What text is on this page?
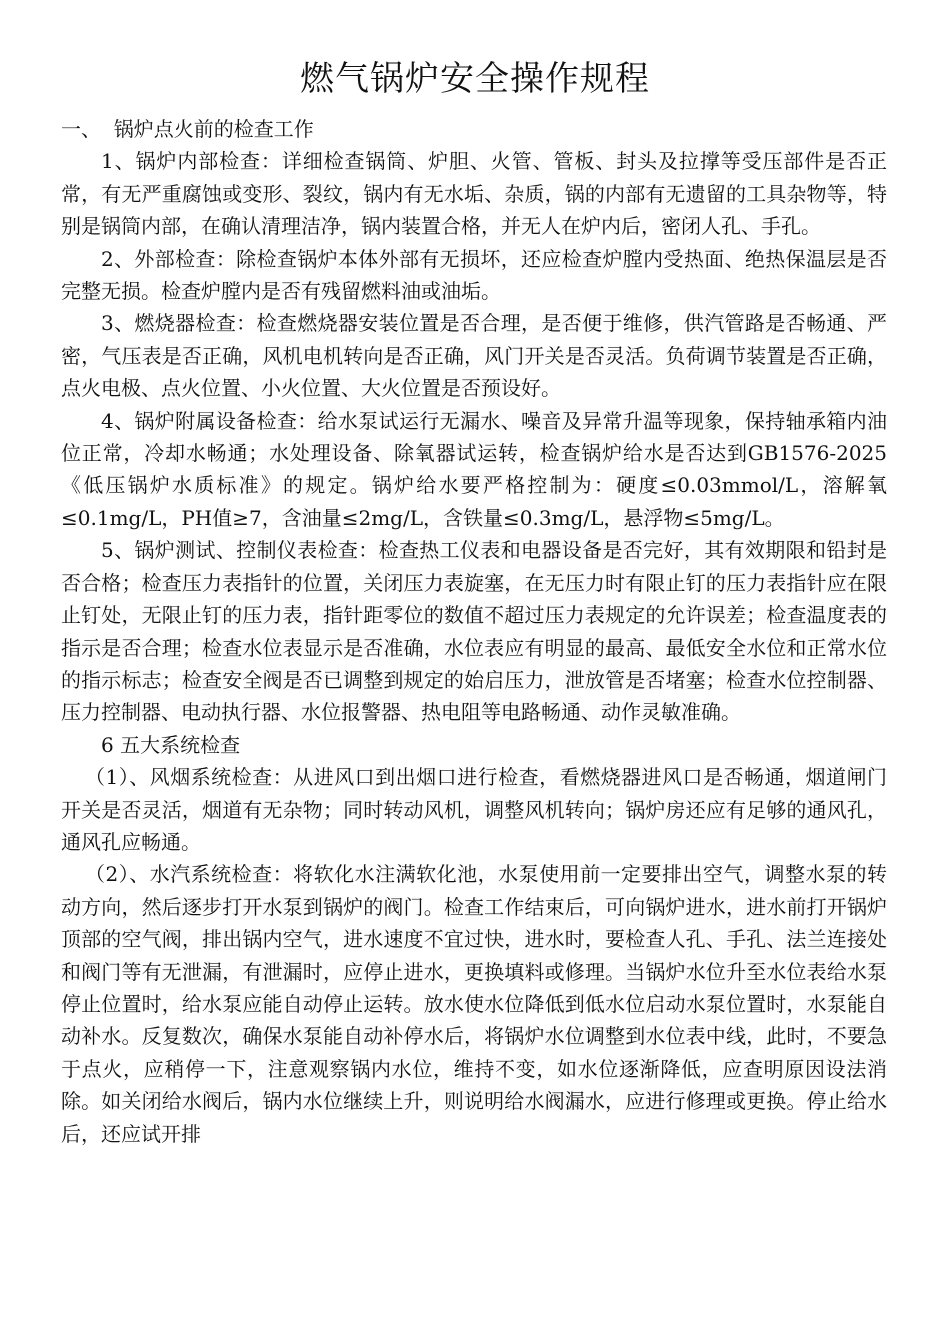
燃气锅炉安全操作规程

一、  锅炉点火前的检查工作

1、锅炉内部检查：详细检查锅筒、炉胆、火管、管板、封头及拉撑等受压部件是否正常，有无严重腐蚀或变形、裂纹，锅内有无水垢、杂质，锅的内部有无遗留的工具杂物等，特别是锅筒内部，在确认清理洁净，锅内装置合格，并无人在炉内后，密闭人孔、手孔。

2、外部检查：除检查锅炉本体外部有无损坏，还应检查炉膛内受热面、绝热保温层是否完整无损。检查炉膛内是否有残留燃料油或油垢。

3、燃烧器检查：检查燃烧器安装位置是否合理，是否便于维修，供汽管路是否畅通、严密，气压表是否正确，风机电机转向是否正确，风门开关是否灵活。负荷调节装置是否正确，点火电极、点火位置、小火位置、大火位置是否预设好。

4、锅炉附属设备检查：给水泵试运行无漏水、噪音及异常升温等现象，保持轴承箱内油位正常，冷却水畅通；水处理设备、除氧器试运转，检查锅炉给水是否达到GB1576-2025《低压锅炉水质标准》的规定。锅炉给水要严格控制为：硬度≤0.03mmol/L，溶解氧≤0.1mg/L，PH值≥7，含油量≤2mg/L，含铁量≤0.3mg/L，悬浮物≤5mg/L。

5、锅炉测试、控制仪表检查：检查热工仪表和电器设备是否完好，其有效期限和铅封是否合格；检查压力表指针的位置，关闭压力表旋塞，在无压力时有限止钉的压力表指针应在限止钉处，无限止钉的压力表，指针距零位的数值不超过压力表规定的允许误差；检查温度表的指示是否合理；检查水位表显示是否准确，水位表应有明显的最高、最低安全水位和正常水位的指示标志；检查安全阀是否已调整到规定的始启压力，泄放管是否堵塞；检查水位控制器、压力控制器、电动执行器、水位报警器、热电阻等电路畅通、动作灵敏准确。

6 五大系统检查

（1）、风烟系统检查：从进风口到出烟口进行检查，看燃烧器进风口是否畅通，烟道闸门开关是否灵活，烟道有无杂物；同时转动风机，调整风机转向；锅炉房还应有足够的通风孔，通风孔应畅通。

（2）、水汽系统检查：将软化水注满软化池，水泵使用前一定要排出空气，调整水泵的转动方向，然后逐步打开水泵到锅炉的阀门。检查工作结束后，可向锅炉进水，进水前打开锅炉顶部的空气阀，排出锅内空气，进水速度不宜过快，进水时，要检查人孔、手孔、法兰连接处和阀门等有无泄漏，有泄漏时，应停止进水，更换填料或修理。当锅炉水位升至水位表给水泵停止位置时，给水泵应能自动停止运转。放水使水位降低到低水位启动水泵位置时，水泵能自动补水。反复数次，确保水泵能自动补停水后，将锅炉水位调整到水位表中线，此时，不要急于点火，应稍停一下，注意观察锅内水位，维持不变，如水位逐渐降低，应查明原因设法消除。如关闭给水阀后，锅内水位继续上升，则说明给水阀漏水，应进行修理或更换。停止给水后，还应试开排
